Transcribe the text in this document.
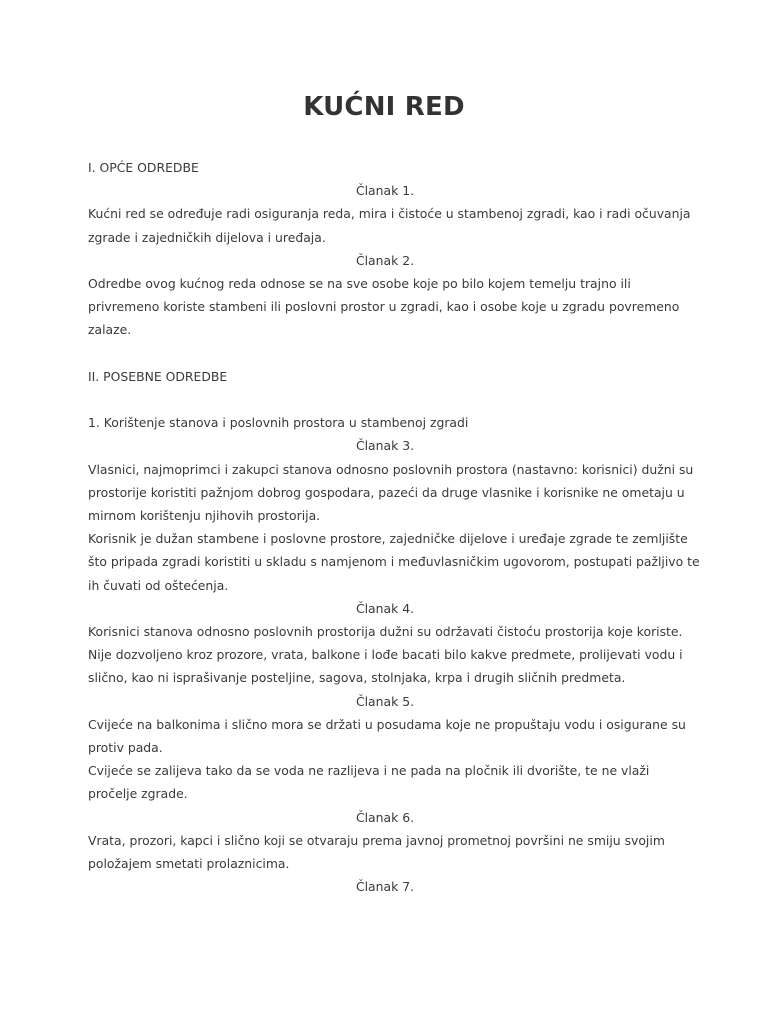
KUĆNI RED

I. OPĆE ODREDBE

Članak 1.

Kućni red se određuje radi osiguranja reda, mira i čistoće u stambenoj zgradi, kao i radi očuvanja

zgrade i zajedničkih dijelova i uređaja.

Članak 2.

Odredbe ovog kućnog reda odnose se na sve osobe koje po bilo kojem temelju trajno ili

privremeno koriste stambeni ili poslovni prostor u zgradi, kao i osobe koje u zgradu povremeno

zalaze.

II. POSEBNE ODREDBE

1. Korištenje stanova i poslovnih prostora u stambenoj zgradi

Članak 3.

Vlasnici, najmoprimci i zakupci stanova odnosno poslovnih prostora (nastavno: korisnici) dužni su

prostorije koristiti pažnjom dobrog gospodara, pazeći da druge vlasnike i korisnike ne ometaju u

mirnom korištenju njihovih prostorija.

Korisnik je dužan stambene i poslovne prostore, zajedničke dijelove i uređaje zgrade te zemljište

što pripada zgradi koristiti u skladu s namjenom i međuvlasničkim ugovorom, postupati pažljivo te

ih čuvati od oštećenja.

Članak 4.

Korisnici stanova odnosno poslovnih prostorija dužni su održavati čistoću prostorija koje koriste.

Nije dozvoljeno kroz prozore, vrata, balkone i lođe bacati bilo kakve predmete, prolijevati vodu i

slično, kao ni isprašivanje posteljine, sagova, stolnjaka, krpa i drugih sličnih predmeta.

Članak 5.

Cvijeće na balkonima i slično mora se držati u posudama koje ne propuštaju vodu i osigurane su

protiv pada.

Cvijeće se zalijeva tako da se voda ne razlijeva i ne pada na pločnik ili dvorište, te ne vlaži

pročelje zgrade.

Članak 6.

Vrata, prozori, kapci i slično koji se otvaraju prema javnoj prometnoj površini ne smiju svojim

položajem smetati prolaznicima.

Članak 7.
